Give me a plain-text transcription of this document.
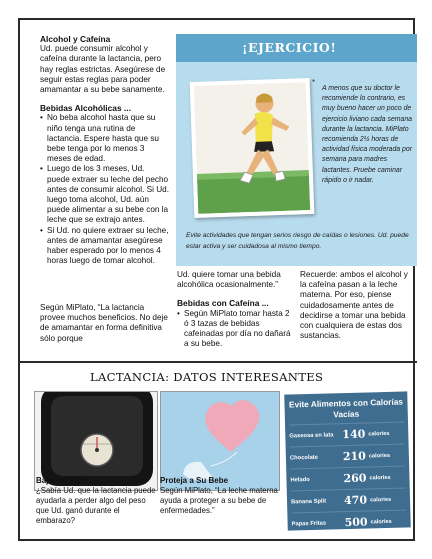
Alcohol y Cafeína

Ud. puede consumir alcohol y cafeína durante la lactancia, pero hay reglas estrictas. Asegúrese de seguir estas reglas para poder amamantar a su bebe sanamente.

Bebidas Alcohólicas ...
• No beba alcohol hasta que su niño tenga una rutina de lactancia. Espere hasta que su bebe tenga por lo menos 3 meses de edad.
• Luego de los 3 meses, Ud. puede extraer su leche del pecho antes de consumir alcohol. Si Ud. luego toma alcohol, Ud. aún puede alimentar a su bebe con la leche que se extrajo antes.
• Si Ud. no quiere extraer su leche, antes de amamantar asegúrese haber esperado por lo menos 4 horas luego de tomar alcohol.

Según MiPlato, “La lactancia provee muchos beneficios. No deje de amamantar en forma definitiva sólo porque

¡EJERCICIO!
*

A menos que su doctor le recomiende lo contrario, es muy bueno hacer un poco de ejercicio liviano cada semana durante la lactancia. MiPlato recomienda 2½ horas de actividad física moderada por semana para madres lactantes. Pruebe caminar rápido o ir nadar.

Evite actividades que tengan serios riesgo de caídas o lesiones. Ud. puede estar activa y ser cuidadosa al mismo tiempo.

Ud. quiere tomar una bebida alcohólica ocasionalmente.”

Bebidas con Cafeína ...
• Según MiPlato tomar hasta 2 ó 3 tazas de bebidas cafeinadas por día no dañará a su bebe.

Recuerde: ambos el alcohol y la cafeína pasan a la leche materna. Por eso, piense cuidadosamente antes de decidirse a tomar una bebida con cualquiera de estas dos sustancias.

LACTANCIA: DATOS INTERESANTES
Bajar de Peso

¿Sabía Ud. que la lactancia puede ayudarla a perder algo del peso que Ud. ganó durante el embarazo?

Proteja a Su Bebe

Según MiPlato, “La leche materna ayuda a proteger a su bebe de enfermedades.”

Evite Alimentos con Calorías Vacías
Gaseosa en lata 140 calories
Chocolate	210 calories
Helado	260 calories
Banana Split	470 calories
Papas Fritas	500 calories
